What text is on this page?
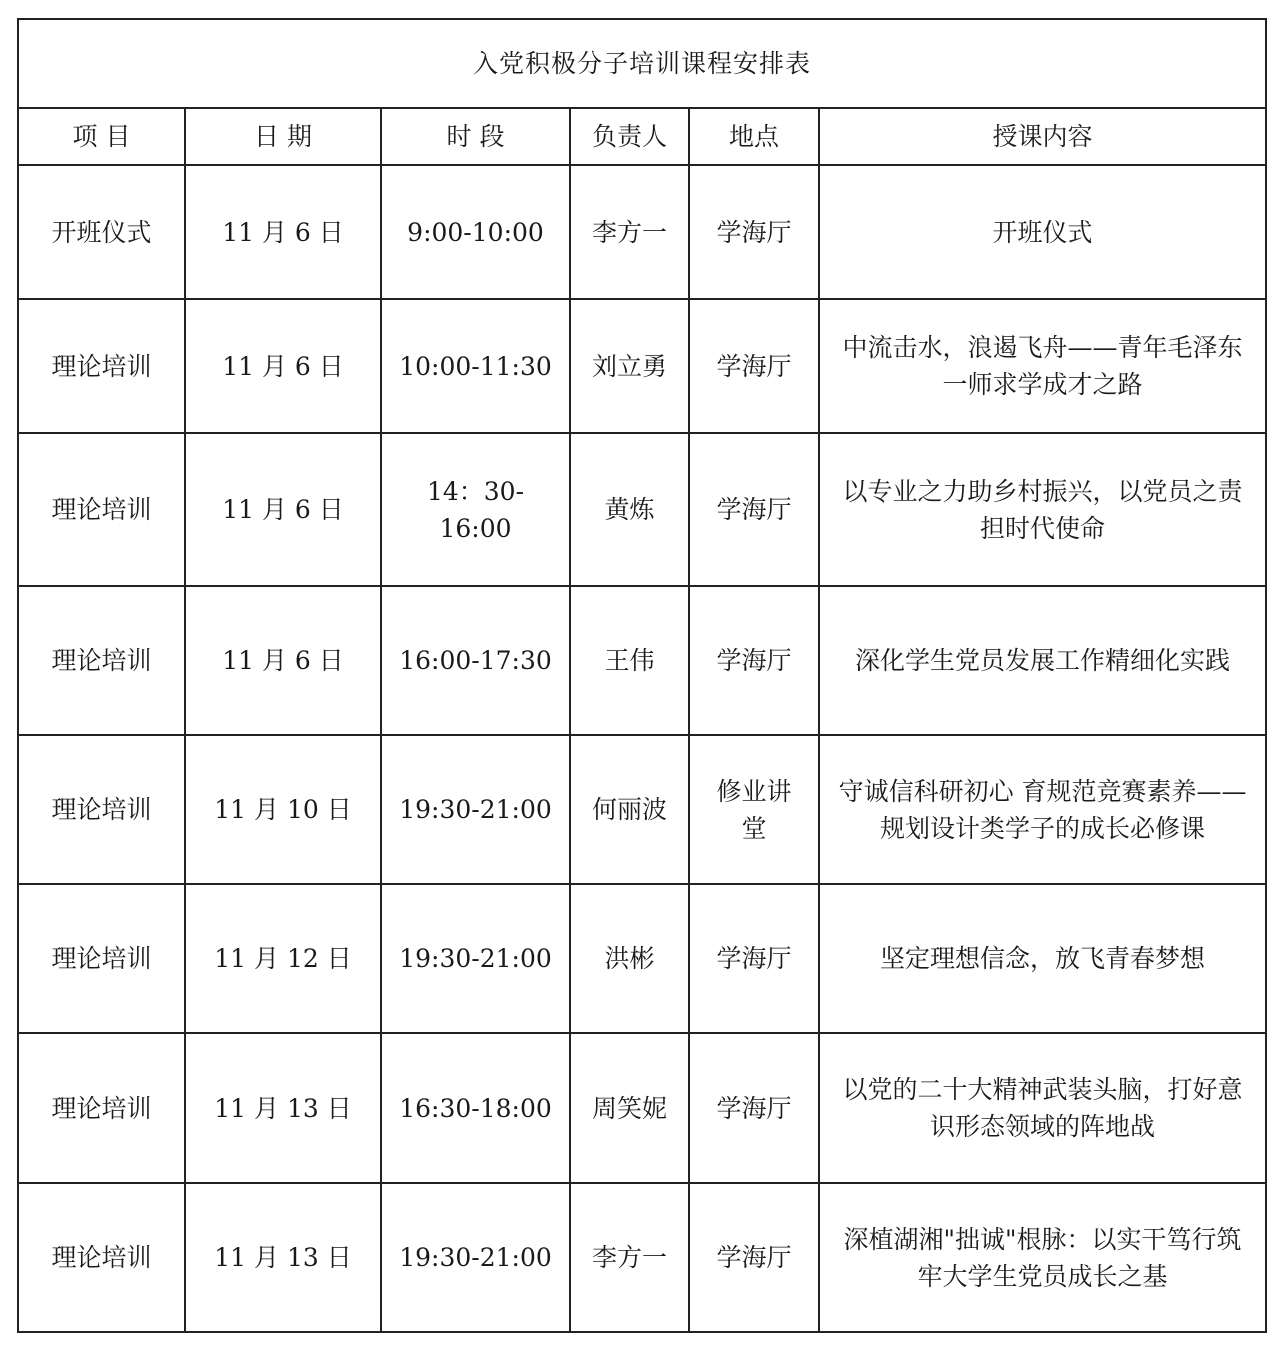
入党积极分子培训课程安排表					
项 目	日 期	时 段	负责人	地点	授课内容
开班仪式	11 月 6 日	9:00-10:00	李方一	学海厅	开班仪式
理论培训	11 月 6 日	10:00-11:30	刘立勇	学海厅	中流击水，浪遏飞舟——青年毛泽东一师求学成才之路
理论培训	11 月 6 日	14：30-16:00	黄炼	学海厅	以专业之力助乡村振兴，以党员之责担时代使命
理论培训	11 月 6 日	16:00-17:30	王伟	学海厅	深化学生党员发展工作精细化实践
理论培训	11 月 10 日	19:30-21:00	何丽波	修业讲堂	守诚信科研初心 育规范竞赛素养——规划设计类学子的成长必修课
理论培训	11 月 12 日	19:30-21:00	洪彬	学海厅	坚定理想信念，放飞青春梦想
理论培训	11 月 13 日	16:30-18:00	周笑妮	学海厅	以党的二十大精神武装头脑，打好意识形态领域的阵地战
理论培训	11 月 13 日	19:30-21:00	李方一	学海厅	深植湖湘"拙诚"根脉：以实干笃行筑牢大学生党员成长之基
